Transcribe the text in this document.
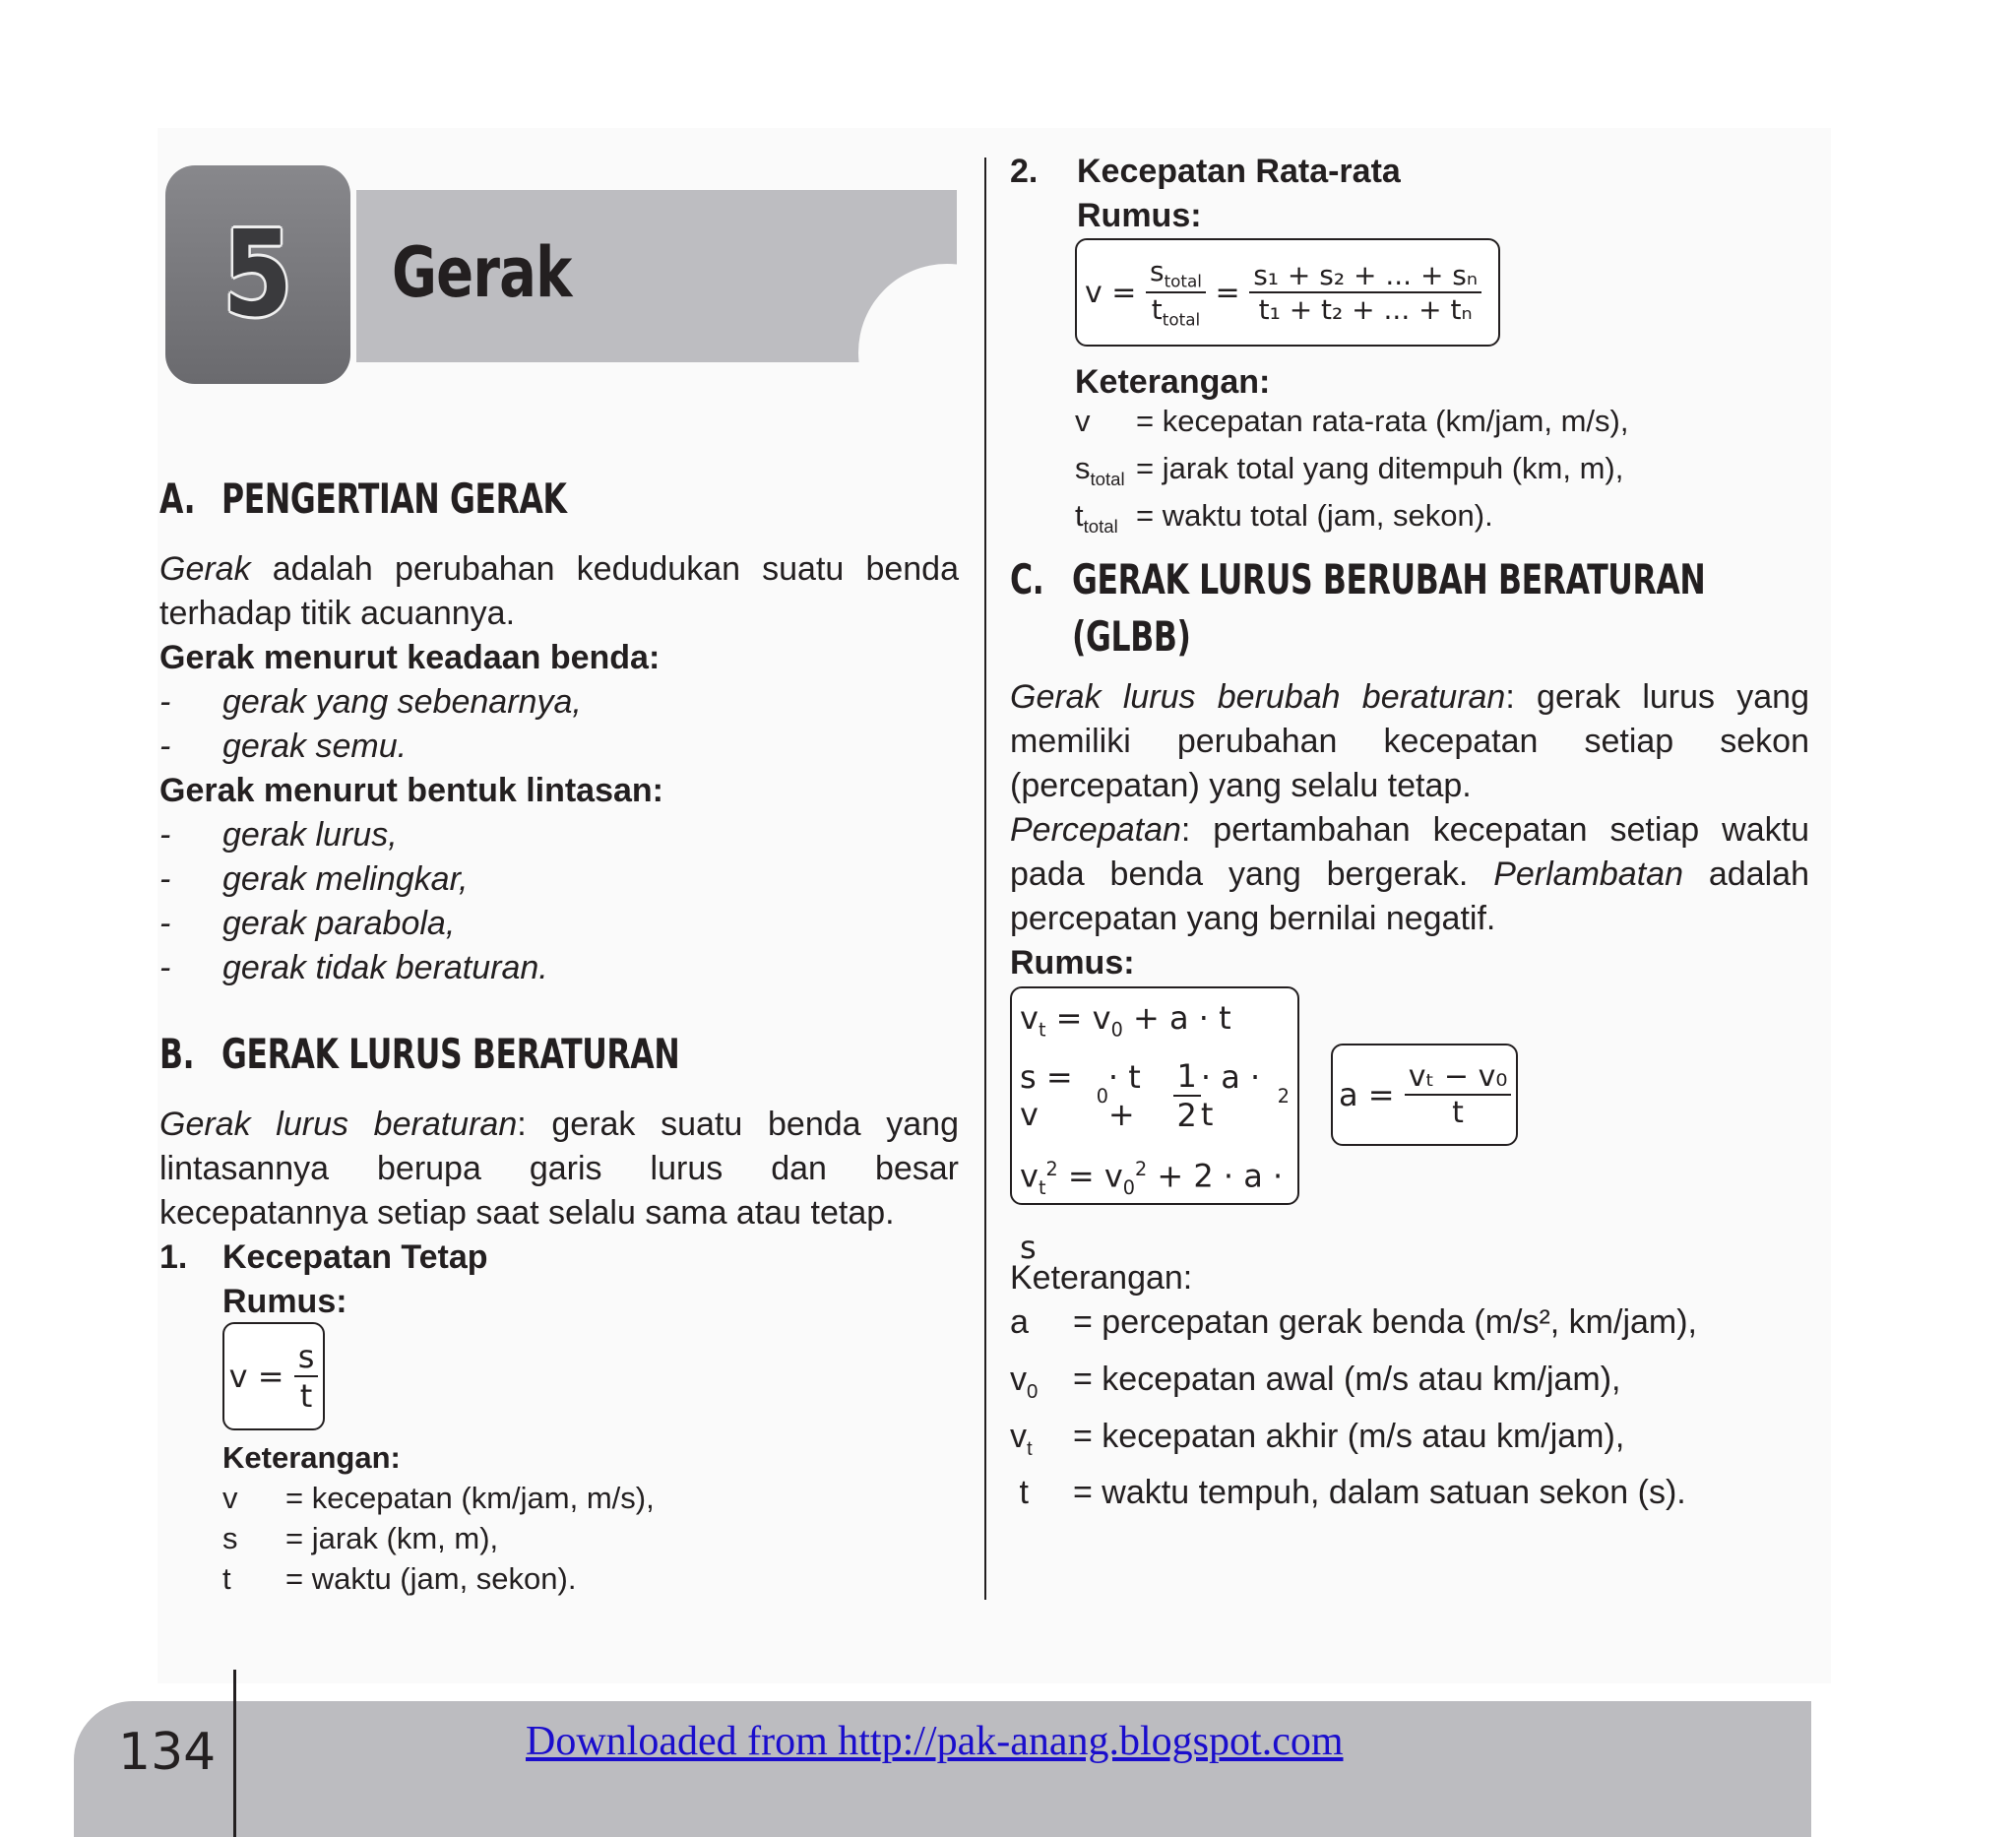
5 Gerak
A. PENGERTIAN GERAK
Gerak adalah perubahan kedudukan suatu benda terhadap titik acuannya.
Gerak menurut keadaan benda:
- gerak yang sebenarnya,
- gerak semu.
Gerak menurut bentuk lintasan:
- gerak lurus,
- gerak melingkar,
- gerak parabola,
- gerak tidak beraturan.
B. GERAK LURUS BERATURAN
Gerak lurus beraturan: gerak suatu benda yang lintasannya berupa garis lurus dan besar kecepatannya setiap saat selalu sama atau tetap.
1. Kecepatan Tetap
Rumus:
v =
$\frac{s}{t}$
Keterangan:
v	= kecepatan (km/jam, m/s),
s	= jarak (km, m),
t	= waktu (jam, sekon).
2. Kecepatan Rata-rata
Rumus:
v =
$\frac{s_{total}}{t_{total}}$
=
$\frac{\text{s₁ + s₂ + ... + sₙ}}{\text{t₁ + t₂ + ... + tₙ}}$
Keterangan:
v	= kecepatan rata-rata (km/jam, m/s),
$s_{total}$ = jarak total yang ditempuh (km, m),
$t_{total}$ = waktu total (jam, sekon).
C. GERAK LURUS BERUBAH BERATURAN
(GLBB)
Gerak lurus berubah beraturan: gerak lurus yang memiliki perubahan kecepatan setiap sekon (percepatan) yang selalu tetap.
Percepatan: pertambahan kecepatan setiap waktu pada benda yang bergerak. Perlambatan adalah percepatan yang bernilai negatif.
Rumus:
$v_t = v_0 + a \cdot t$
s = v	0 · t +	$\frac{1}{2} \cdot a \cdot t$	2
$v_t^2 = v_0^2 + 2 \cdot a \cdot s$
a =
$\frac{\text{vₜ − v₀}}{t}$
Keterangan:
a	= percepatan gerak benda (m/s², km/jam),
$v_0$	= kecepatan awal (m/s atau km/jam),
$v_t$	= kecepatan akhir (m/s atau km/jam),
t	= waktu tempuh, dalam satuan sekon (s).
134	Downloaded from http://pak-anang.blogspot.com
